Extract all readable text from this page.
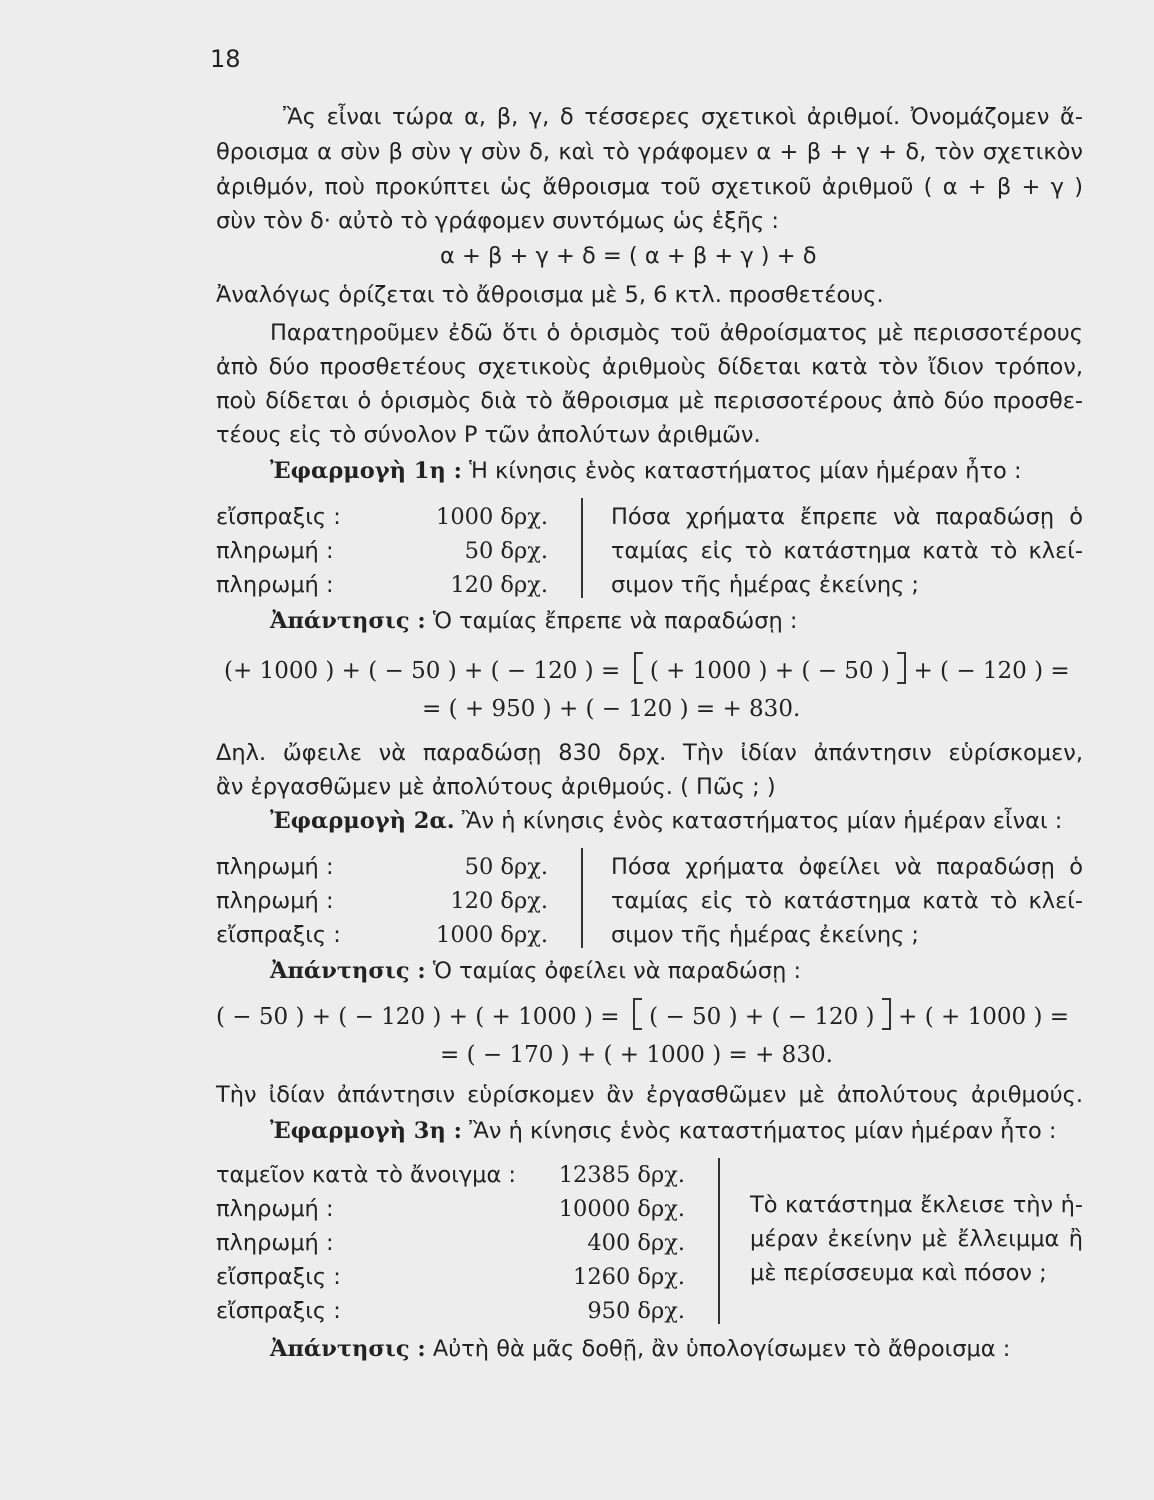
18
Ἂς εἶναι τώρα α, β, γ, δ τέσσερες σχετικοὶ ἀριθμοί. Ὀνομάζομεν ἄ-
θροισμα α σὺν β σὺν γ σὺν δ, καὶ τὸ γράφομεν α + β + γ + δ, τὸν σχετικὸν
ἀριθμόν, ποὺ προκύπτει ὡς ἄθροισμα τοῦ σχετικοῦ ἀριθμοῦ ( α + β + γ )
σὺν τὸν δ· αὐτὸ τὸ γράφομεν συντόμως ὡς ἑξῆς :
α + β + γ + δ = ( α + β + γ ) + δ
Ἀναλόγως ὁρίζεται τὸ ἄθροισμα μὲ 5, 6 κτλ. προσθετέους.
Παρατηροῦμεν ἐδῶ ὅτι ὁ ὁρισμὸς τοῦ ἀθροίσματος μὲ περισσοτέρους
ἀπὸ δύο προσθετέους σχετικοὺς ἀριθμοὺς δίδεται κατὰ τὸν ἴδιον τρόπον,
ποὺ δίδεται ὁ ὁρισμὸς διὰ τὸ ἄθροισμα μὲ περισσοτέρους ἀπὸ δύο προσθε-
τέους εἰς τὸ σύνολον P τῶν ἀπολύτων ἀριθμῶν.
Ἐφαρμογὴ 1η : Ἡ κίνησις ἑνὸς καταστήματος μίαν ἡμέραν ἦτο :
εἴσπραξις :	1000 δρχ.
πληρωμή :	50 δρχ.
πληρωμή :	120 δρχ.
Πόσα χρήματα ἔπρεπε νὰ παραδώσῃ ὁ
ταμίας εἰς τὸ κατάστημα κατὰ τὸ κλεί-
σιμον τῆς ἡμέρας ἐκείνης ;
Ἀπάντησις : Ὁ ταμίας ἔπρεπε νὰ παραδώσῃ :
(+ 1000 ) + ( − 50 ) + ( − 120 ) = ( + 1000 ) + ( − 50 ) + ( − 120 ) =
= ( + 950 ) + ( − 120 ) = + 830.
Δηλ. ὤφειλε νὰ παραδώσῃ 830 δρχ. Τὴν ἰδίαν ἀπάντησιν εὑρίσκομεν,
ἂν ἐργασθῶμεν μὲ ἀπολύτους ἀριθμούς. ( Πῶς ; )
Ἐφαρμογὴ 2α. Ἂν ἡ κίνησις ἑνὸς καταστήματος μίαν ἡμέραν εἶναι :
πληρωμή :	50 δρχ.
πληρωμή :	120 δρχ.
εἴσπραξις :	1000 δρχ.
Πόσα χρήματα ὀφείλει νὰ παραδώσῃ ὁ
ταμίας εἰς τὸ κατάστημα κατὰ τὸ κλεί-
σιμον τῆς ἡμέρας ἐκείνης ;
Ἀπάντησις : Ὁ ταμίας ὀφείλει νὰ παραδώσῃ :
( − 50 ) + ( − 120 ) + ( + 1000 ) = ( − 50 ) + ( − 120 ) + ( + 1000 ) =
= ( − 170 ) + ( + 1000 ) = + 830.
Τὴν ἰδίαν ἀπάντησιν εὑρίσκομεν ἂν ἐργασθῶμεν μὲ ἀπολύτους ἀριθμούς.
Ἐφαρμογὴ 3η : Ἂν ἡ κίνησις ἑνὸς καταστήματος μίαν ἡμέραν ἦτο :
ταμεῖον κατὰ τὸ ἄνοιγμα :	12385 δρχ.
πληρωμή :	10000 δρχ.
πληρωμή :	400 δρχ.
εἴσπραξις :	1260 δρχ.
εἴσπραξις :	950 δρχ.
Τὸ κατάστημα ἔκλεισε τὴν ἡ-
μέραν ἐκείνην μὲ ἔλλειμμα ἢ
μὲ περίσσευμα καὶ πόσον ;
Ἀπάντησις : Αὐτὴ θὰ μᾶς δοθῇ, ἂν ὑπολογίσωμεν τὸ ἄθροισμα :
